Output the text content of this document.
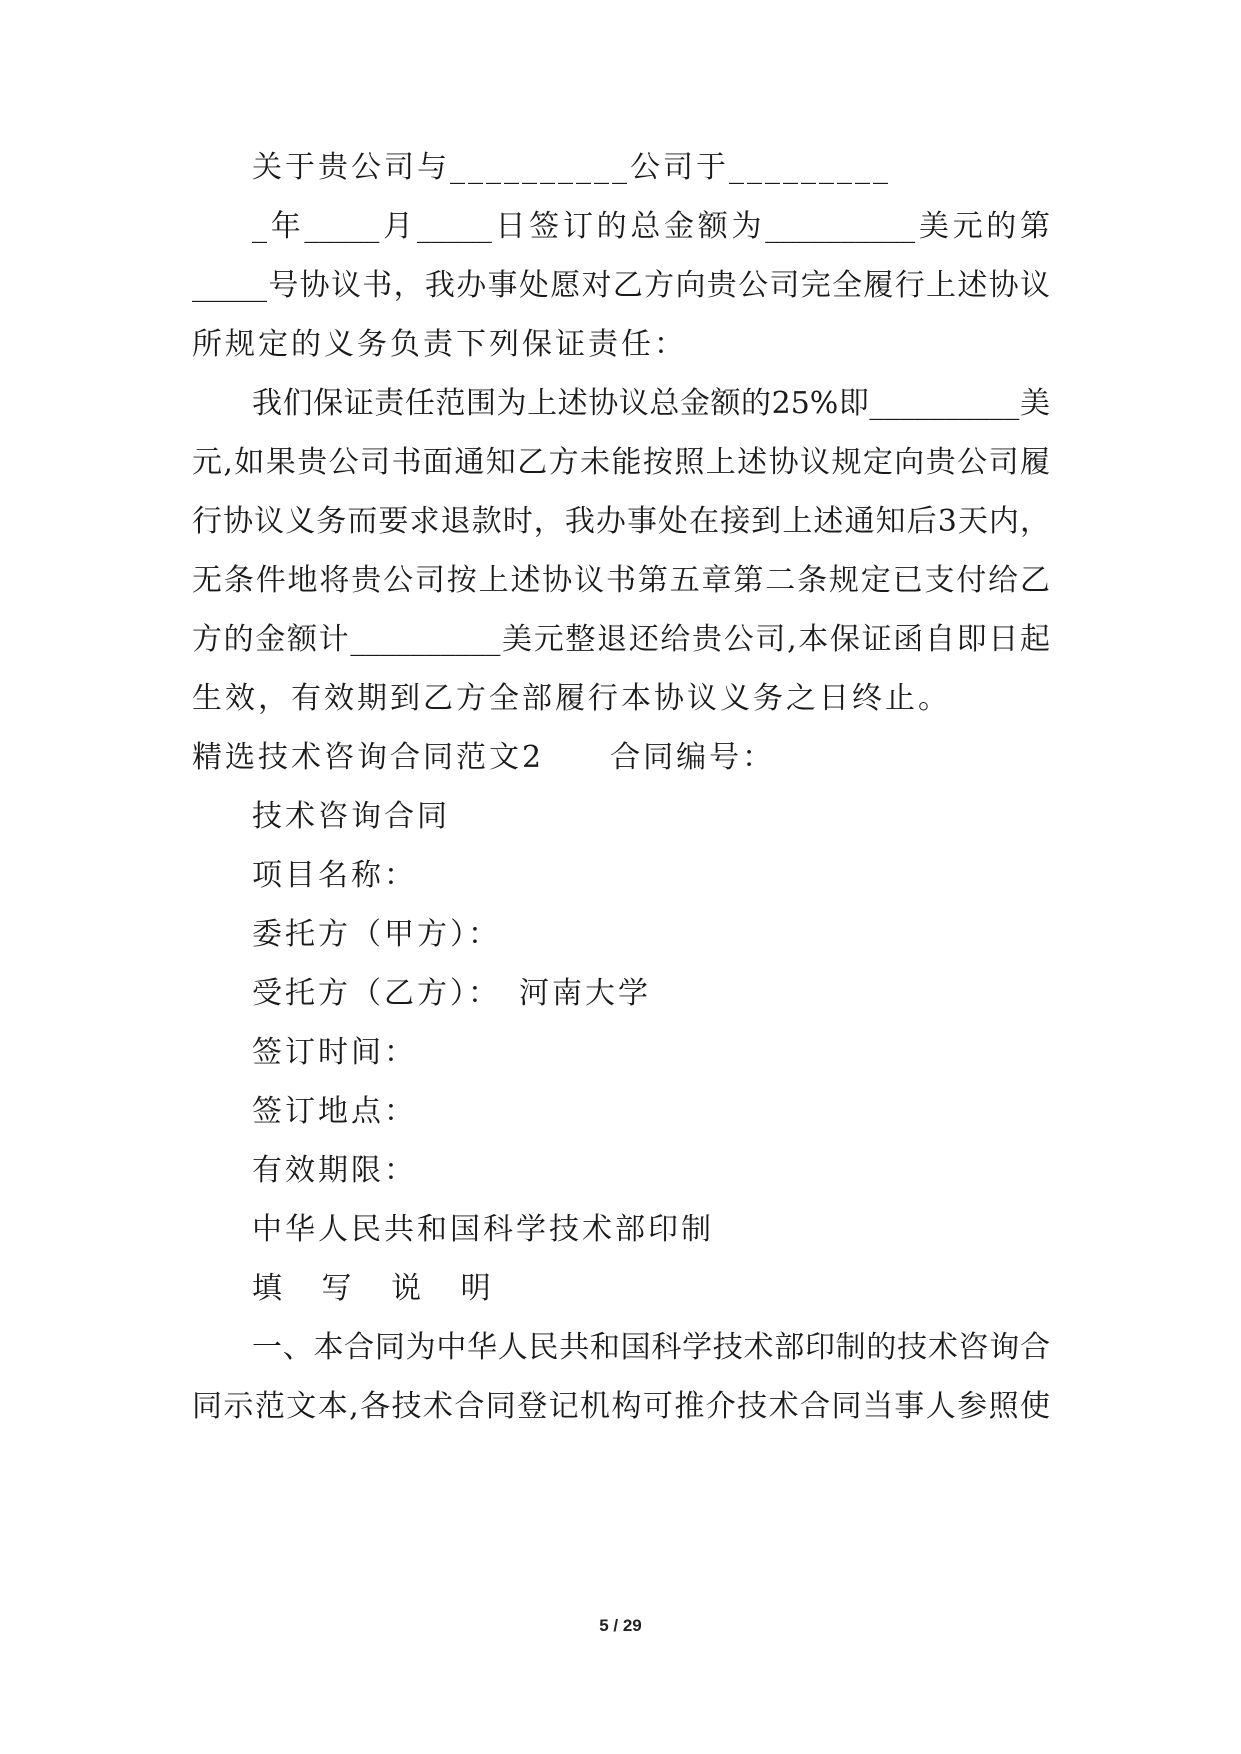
关于贵公司与__________公司于_________
_年_____月_____日签订的总金额为__________美元的第
_____号协议书，我办事处愿对乙方向贵公司完全履行上述协议
所规定的义务负责下列保证责任：
我们保证责任范围为上述协议总金额的25%即__________美
元,如果贵公司书面通知乙方未能按照上述协议规定向贵公司履
行协议义务而要求退款时，我办事处在接到上述通知后3天内，
无条件地将贵公司按上述协议书第五章第二条规定已支付给乙
方的金额计__________美元整退还给贵公司,本保证函自即日起
生效，有效期到乙方全部履行本协议义务之日终止。
精选技术咨询合同范文2　　合同编号：
技术咨询合同
项目名称：
委托方（甲方）：
受托方（乙方）：　河南大学
签订时间：
签订地点：
有效期限：
中华人民共和国科学技术部印制
填 写 说 明
一、本合同为中华人民共和国科学技术部印制的技术咨询合
同示范文本,各技术合同登记机构可推介技术合同当事人参照使
5 / 29
